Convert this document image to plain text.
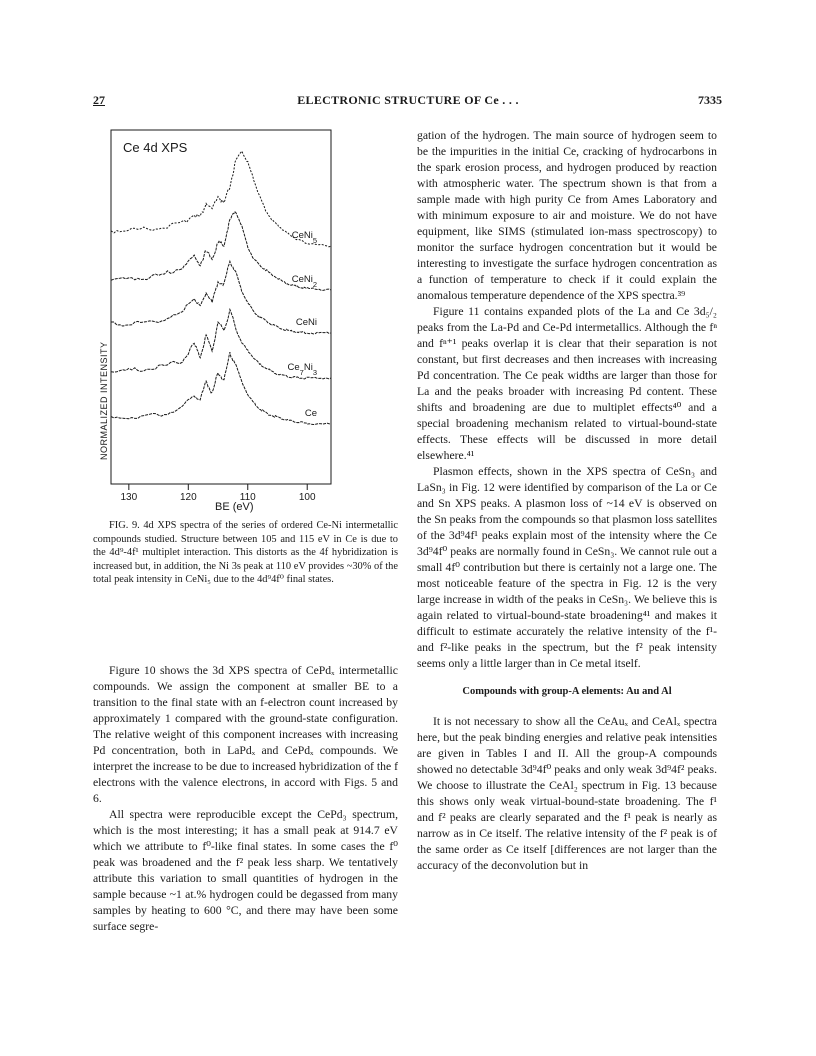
27	ELECTRONIC STRUCTURE OF Ce . . .	7335
Ce 4d XPS
NORMALIZED INTENSITY
130	120	110	100
CeNi$_5$
CeNi$_2$
CeNi
$Ce_7Ni_3$
Ce
BE (eV)

FIG. 9. 4d XPS spectra of the series of ordered Ce-Ni intermetallic compounds studied. Structure between 105 and 115 eV in Ce is due to the 4d⁹-4f¹ multiplet interaction. This distorts as the 4f hybridization is increased but, in addition, the Ni 3s peak at 110 eV provides ~30% of the total peak intensity in CeNi₅ due to the 4d⁹4f⁰ final states.

Figure 10 shows the 3d XPS spectra of CePdₓ intermetallic compounds. We assign the component at smaller BE to a transition to the final state with an f-electron count increased by approximately 1 compared with the ground-state configuration. The relative weight of this component increases with increasing Pd concentration, both in LaPdₓ and CePdₓ compounds. We interpret the increase to be due to increased hybridization of the f electrons with the valence electrons, in accord with Figs. 5 and 6.

All spectra were reproducible except the CePd₃ spectrum, which is the most interesting; it has a small peak at 914.7 eV which we attribute to f⁰-like final states. In some cases the f⁰ peak was broadened and the f² peak less sharp. We tentatively attribute this variation to small quantities of hydrogen in the sample because ~1 at.% hydrogen could be degassed from many samples by heating to 600 °C, and there may have been some surface segre-

gation of the hydrogen. The main source of hydrogen seem to be the impurities in the initial Ce, cracking of hydrocarbons in the spark erosion process, and hydrogen produced by reaction with atmospheric water. The spectrum shown is that from a sample made with high purity Ce from Ames Laboratory and with minimum exposure to air and moisture. We do not have equipment, like SIMS (stimulated ion-mass spectroscopy) to monitor the surface hydrogen concentration but it would be interesting to investigate the surface hydrogen concentration as a function of temperature to check if it could explain the anomalous temperature dependence of the XPS spectra.³⁹

Figure 11 contains expanded plots of the La and Ce 3d₅/₂ peaks from the La-Pd and Ce-Pd intermetallics. Although the fⁿ and fⁿ⁺¹ peaks overlap it is clear that their separation is not constant, but first decreases and then increases with increasing Pd concentration. The Ce peak widths are larger than those for La and the peaks broader with increasing Pd content. These shifts and broadening are due to multiplet effects⁴⁰ and a special broadening mechanism related to virtual-bound-state effects. These effects will be discussed in more detail elsewhere.⁴¹

Plasmon effects, shown in the XPS spectra of CeSn₃ and LaSn₃ in Fig. 12 were identified by comparison of the La or Ce and Sn XPS peaks. A plasmon loss of ~14 eV is observed on the Sn peaks from the compounds so that plasmon loss satellites of the 3d⁹4f¹ peaks explain most of the intensity where the Ce 3d⁹4f⁰ peaks are normally found in CeSn₃. We cannot rule out a small 4f⁰ contribution but there is certainly not a large one. The most noticeable feature of the spectra in Fig. 12 is the very large increase in width of the peaks in CeSn₃. We believe this is again related to virtual-bound-state broadening⁴¹ and makes it difficult to estimate accurately the relative intensity of the f¹- and f²-like peaks in the spectrum, but the f² peak intensity seems only a little larger than in Ce metal itself.

Compounds with group-A elements: Au and Al

It is not necessary to show all the CeAuₓ and CeAlₓ spectra here, but the peak binding energies and relative peak intensities are given in Tables I and II. All the group-A compounds showed no detectable 3d⁹4f⁰ peaks and only weak 3d⁹4f² peaks. We choose to illustrate the CeAl₂ spectrum in Fig. 13 because this shows only weak virtual-bound-state broadening. The f¹ and f² peaks are clearly separated and the f¹ peak is nearly as narrow as in Ce itself. The relative intensity of the f² peak is of the same order as Ce itself [differences are not larger than the accuracy of the deconvolution but in
